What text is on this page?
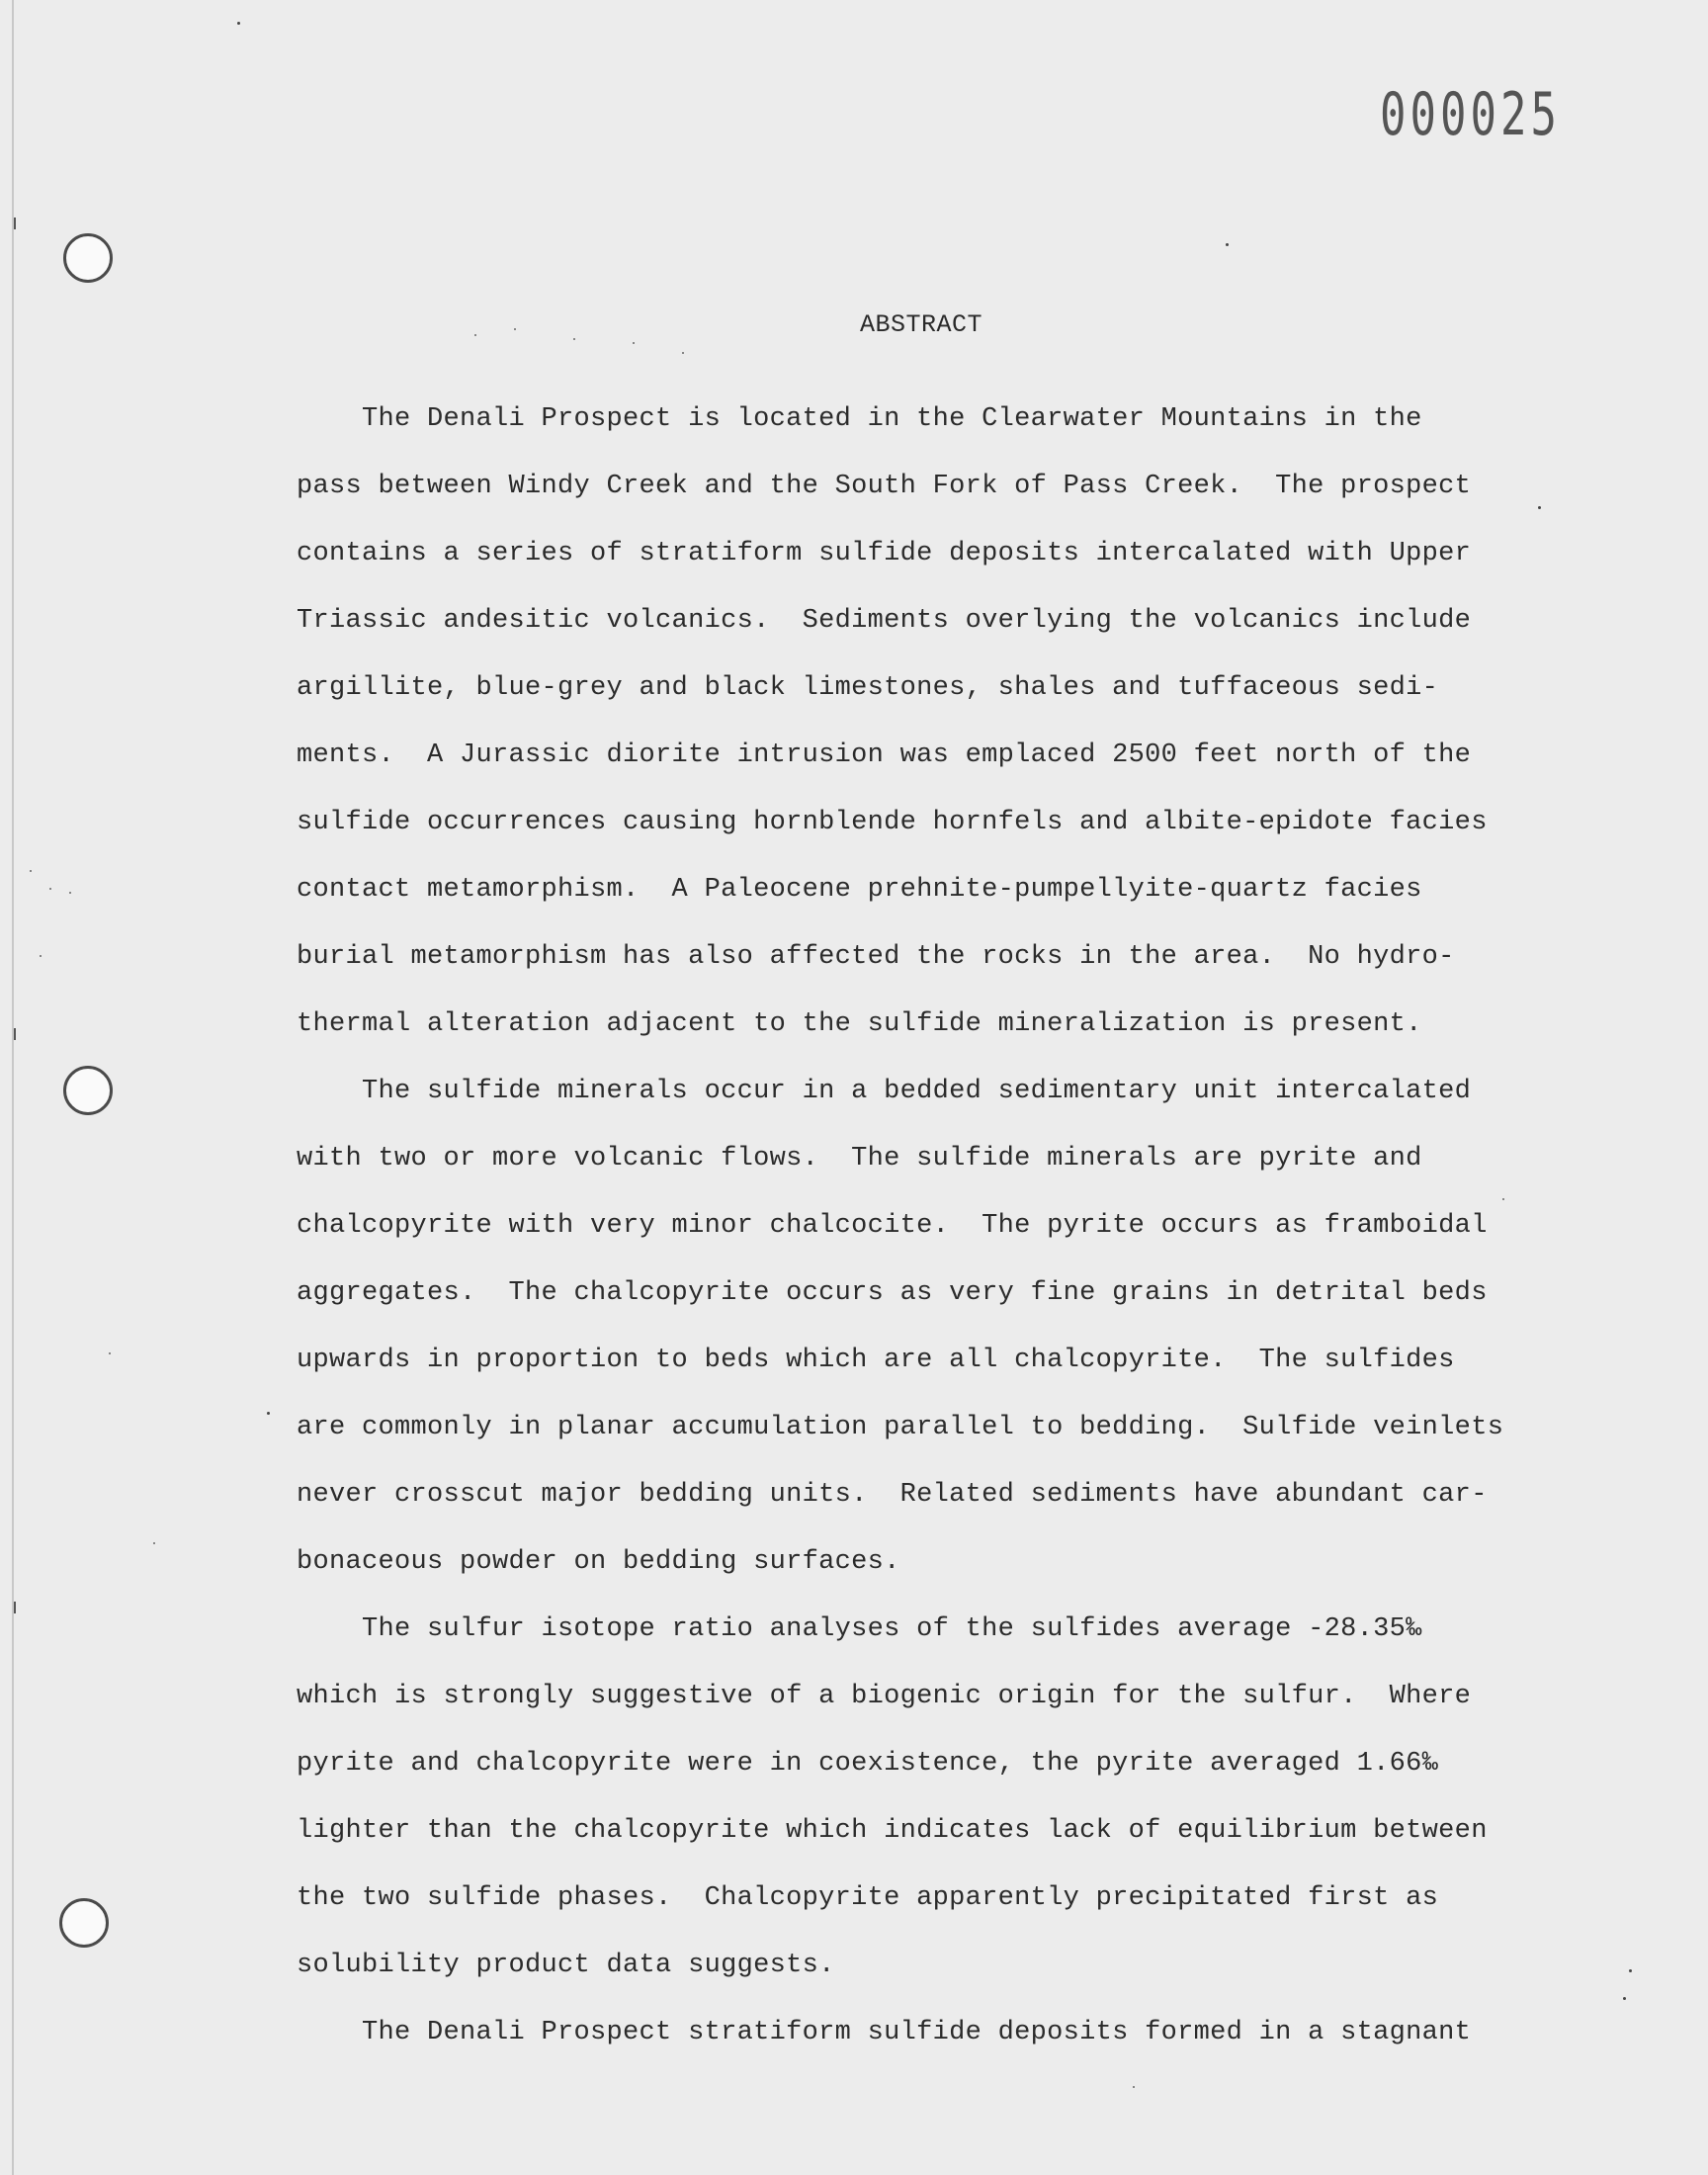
000025
ABSTRACT
The Denali Prospect is located in the Clearwater Mountains in the
pass between Windy Creek and the South Fork of Pass Creek.  The prospect
contains a series of stratiform sulfide deposits intercalated with Upper
Triassic andesitic volcanics.  Sediments overlying the volcanics include
argillite, blue-grey and black limestones, shales and tuffaceous sedi-
ments.  A Jurassic diorite intrusion was emplaced 2500 feet north of the
sulfide occurrences causing hornblende hornfels and albite-epidote facies
contact metamorphism.  A Paleocene prehnite-pumpellyite-quartz facies
burial metamorphism has also affected the rocks in the area.  No hydro-
thermal alteration adjacent to the sulfide mineralization is present.
The sulfide minerals occur in a bedded sedimentary unit intercalated
with two or more volcanic flows.  The sulfide minerals are pyrite and
chalcopyrite with very minor chalcocite.  The pyrite occurs as framboidal
aggregates.  The chalcopyrite occurs as very fine grains in detrital beds
upwards in proportion to beds which are all chalcopyrite.  The sulfides
are commonly in planar accumulation parallel to bedding.  Sulfide veinlets
never crosscut major bedding units.  Related sediments have abundant car-
bonaceous powder on bedding surfaces.
The sulfur isotope ratio analyses of the sulfides average -28.35‰
which is strongly suggestive of a biogenic origin for the sulfur.  Where
pyrite and chalcopyrite were in coexistence, the pyrite averaged 1.66‰
lighter than the chalcopyrite which indicates lack of equilibrium between
the two sulfide phases.  Chalcopyrite apparently precipitated first as
solubility product data suggests.
The Denali Prospect stratiform sulfide deposits formed in a stagnant
